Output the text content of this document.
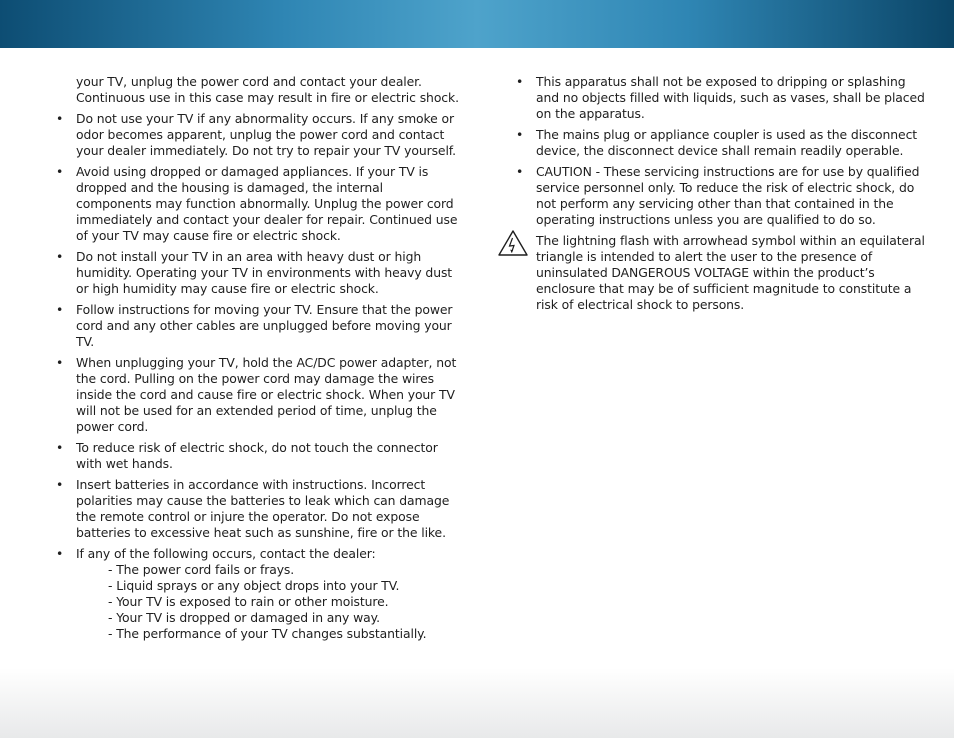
your TV, unplug the power cord and contact your dealer. Continuous use in this case may result in fire or electric shock.
•	Do not use your TV if any abnormality occurs. If any smoke or odor becomes apparent, unplug the power cord and contact your dealer immediately. Do not try to repair your TV yourself.
•	Avoid using dropped or damaged appliances. If your TV is dropped and the housing is damaged, the internal components may function abnormally. Unplug the power cord immediately and contact your dealer for repair. Continued use of your TV may cause fire or electric shock.
•	Do not install your TV in an area with heavy dust or high humidity. Operating your TV in environments with heavy dust or high humidity may cause fire or electric shock.
•	Follow instructions for moving your TV. Ensure that the power cord and any other cables are unplugged before moving your TV.
•	When unplugging your TV, hold the AC/DC power adapter, not the cord. Pulling on the power cord may damage the wires inside the cord and cause fire or electric shock. When your TV will not be used for an extended period of time, unplug the power cord.
•	To reduce risk of electric shock, do not touch the connector with wet hands.
•	Insert batteries in accordance with instructions. Incorrect polarities may cause the batteries to leak which can damage the remote control or injure the operator. Do not expose batteries to excessive heat such as sunshine, fire or the like.
•	If any of the following occurs, contact the dealer:
- The power cord fails or frays.
- Liquid sprays or any object drops into your TV.
- Your TV is exposed to rain or other moisture.
- Your TV is dropped or damaged in any way.
- The performance of your TV changes substantially.
•	This apparatus shall not be exposed to dripping or splashing and no objects filled with liquids, such as vases, shall be placed on the apparatus.
•	The mains plug or appliance coupler is used as the disconnect device, the disconnect device shall remain readily operable.
•	CAUTION - These servicing instructions are for use by qualified service personnel only. To reduce the risk of electric shock, do not perform any servicing other than that contained in the operating instructions unless you are qualified to do so.
The lightning flash with arrowhead symbol within an equilateral triangle is intended to alert the user to the presence of uninsulated DANGEROUS VOLTAGE within the product’s enclosure that may be of sufficient magnitude to constitute a risk of electrical shock to persons.
